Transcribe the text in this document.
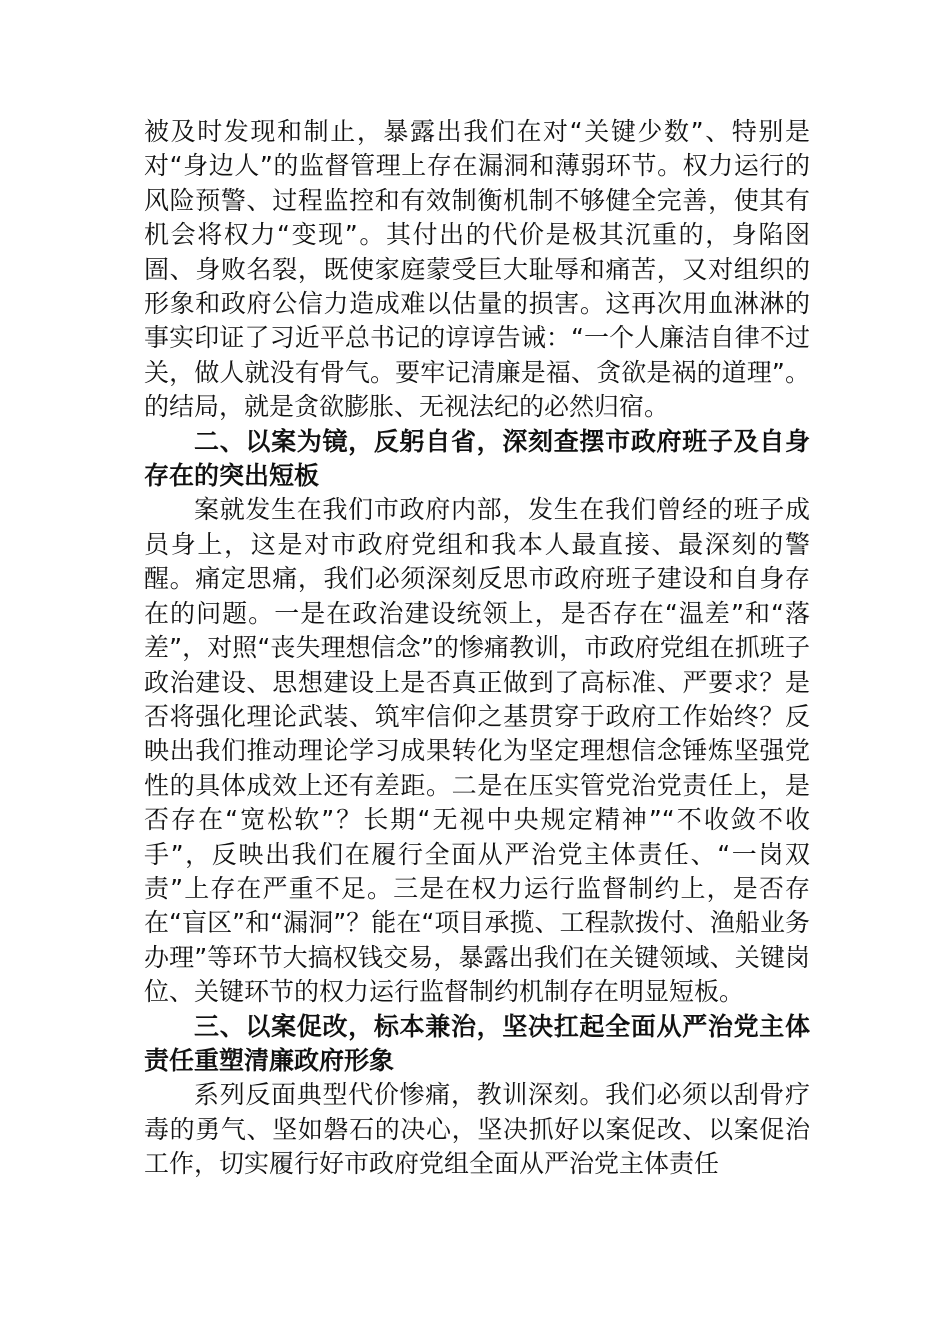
被及时发现和制止，暴露出我们在对“关键少数”、特别是对“身边人”的监督管理上存在漏洞和薄弱环节。权力运行的风险预警、过程监控和有效制衡机制不够健全完善，使其有机会将权力“变现”。其付出的代价是极其沉重的，身陷囹圄、身败名裂，既使家庭蒙受巨大耻辱和痛苦，又对组织的形象和政府公信力造成难以估量的损害。这再次用血淋淋的事实印证了习近平总书记的谆谆告诫：“一个人廉洁自律不过关，做人就没有骨气。要牢记清廉是福、贪欲是祸的道理”。的结局，就是贪欲膨胀、无视法纪的必然归宿。

二、以案为镜，反躬自省，深刻查摆市政府班子及自身存在的突出短板

案就发生在我们市政府内部，发生在我们曾经的班子成员身上，这是对市政府党组和我本人最直接、最深刻的警醒。痛定思痛，我们必须深刻反思市政府班子建设和自身存在的问题。一是在政治建设统领上，是否存在“温差”和“落差”，对照“丧失理想信念”的惨痛教训，市政府党组在抓班子政治建设、思想建设上是否真正做到了高标准、严要求？是否将强化理论武装、筑牢信仰之基贯穿于政府工作始终？反映出我们推动理论学习成果转化为坚定理想信念锤炼坚强党性的具体成效上还有差距。二是在压实管党治党责任上，是否存在“宽松软”？长期“无视中央规定精神”“不收敛不收手”，反映出我们在履行全面从严治党主体责任、“一岗双责”上存在严重不足。三是在权力运行监督制约上，是否存在“盲区”和“漏洞”？能在“项目承揽、工程款拨付、渔船业务办理”等环节大搞权钱交易，暴露出我们在关键领域、关键岗位、关键环节的权力运行监督制约机制存在明显短板。

三、以案促改，标本兼治，坚决扛起全面从严治党主体责任重塑清廉政府形象

系列反面典型代价惨痛，教训深刻。我们必须以刮骨疗毒的勇气、坚如磐石的决心，坚决抓好以案促改、以案促治工作，切实履行好市政府党组全面从严治党主体责任
